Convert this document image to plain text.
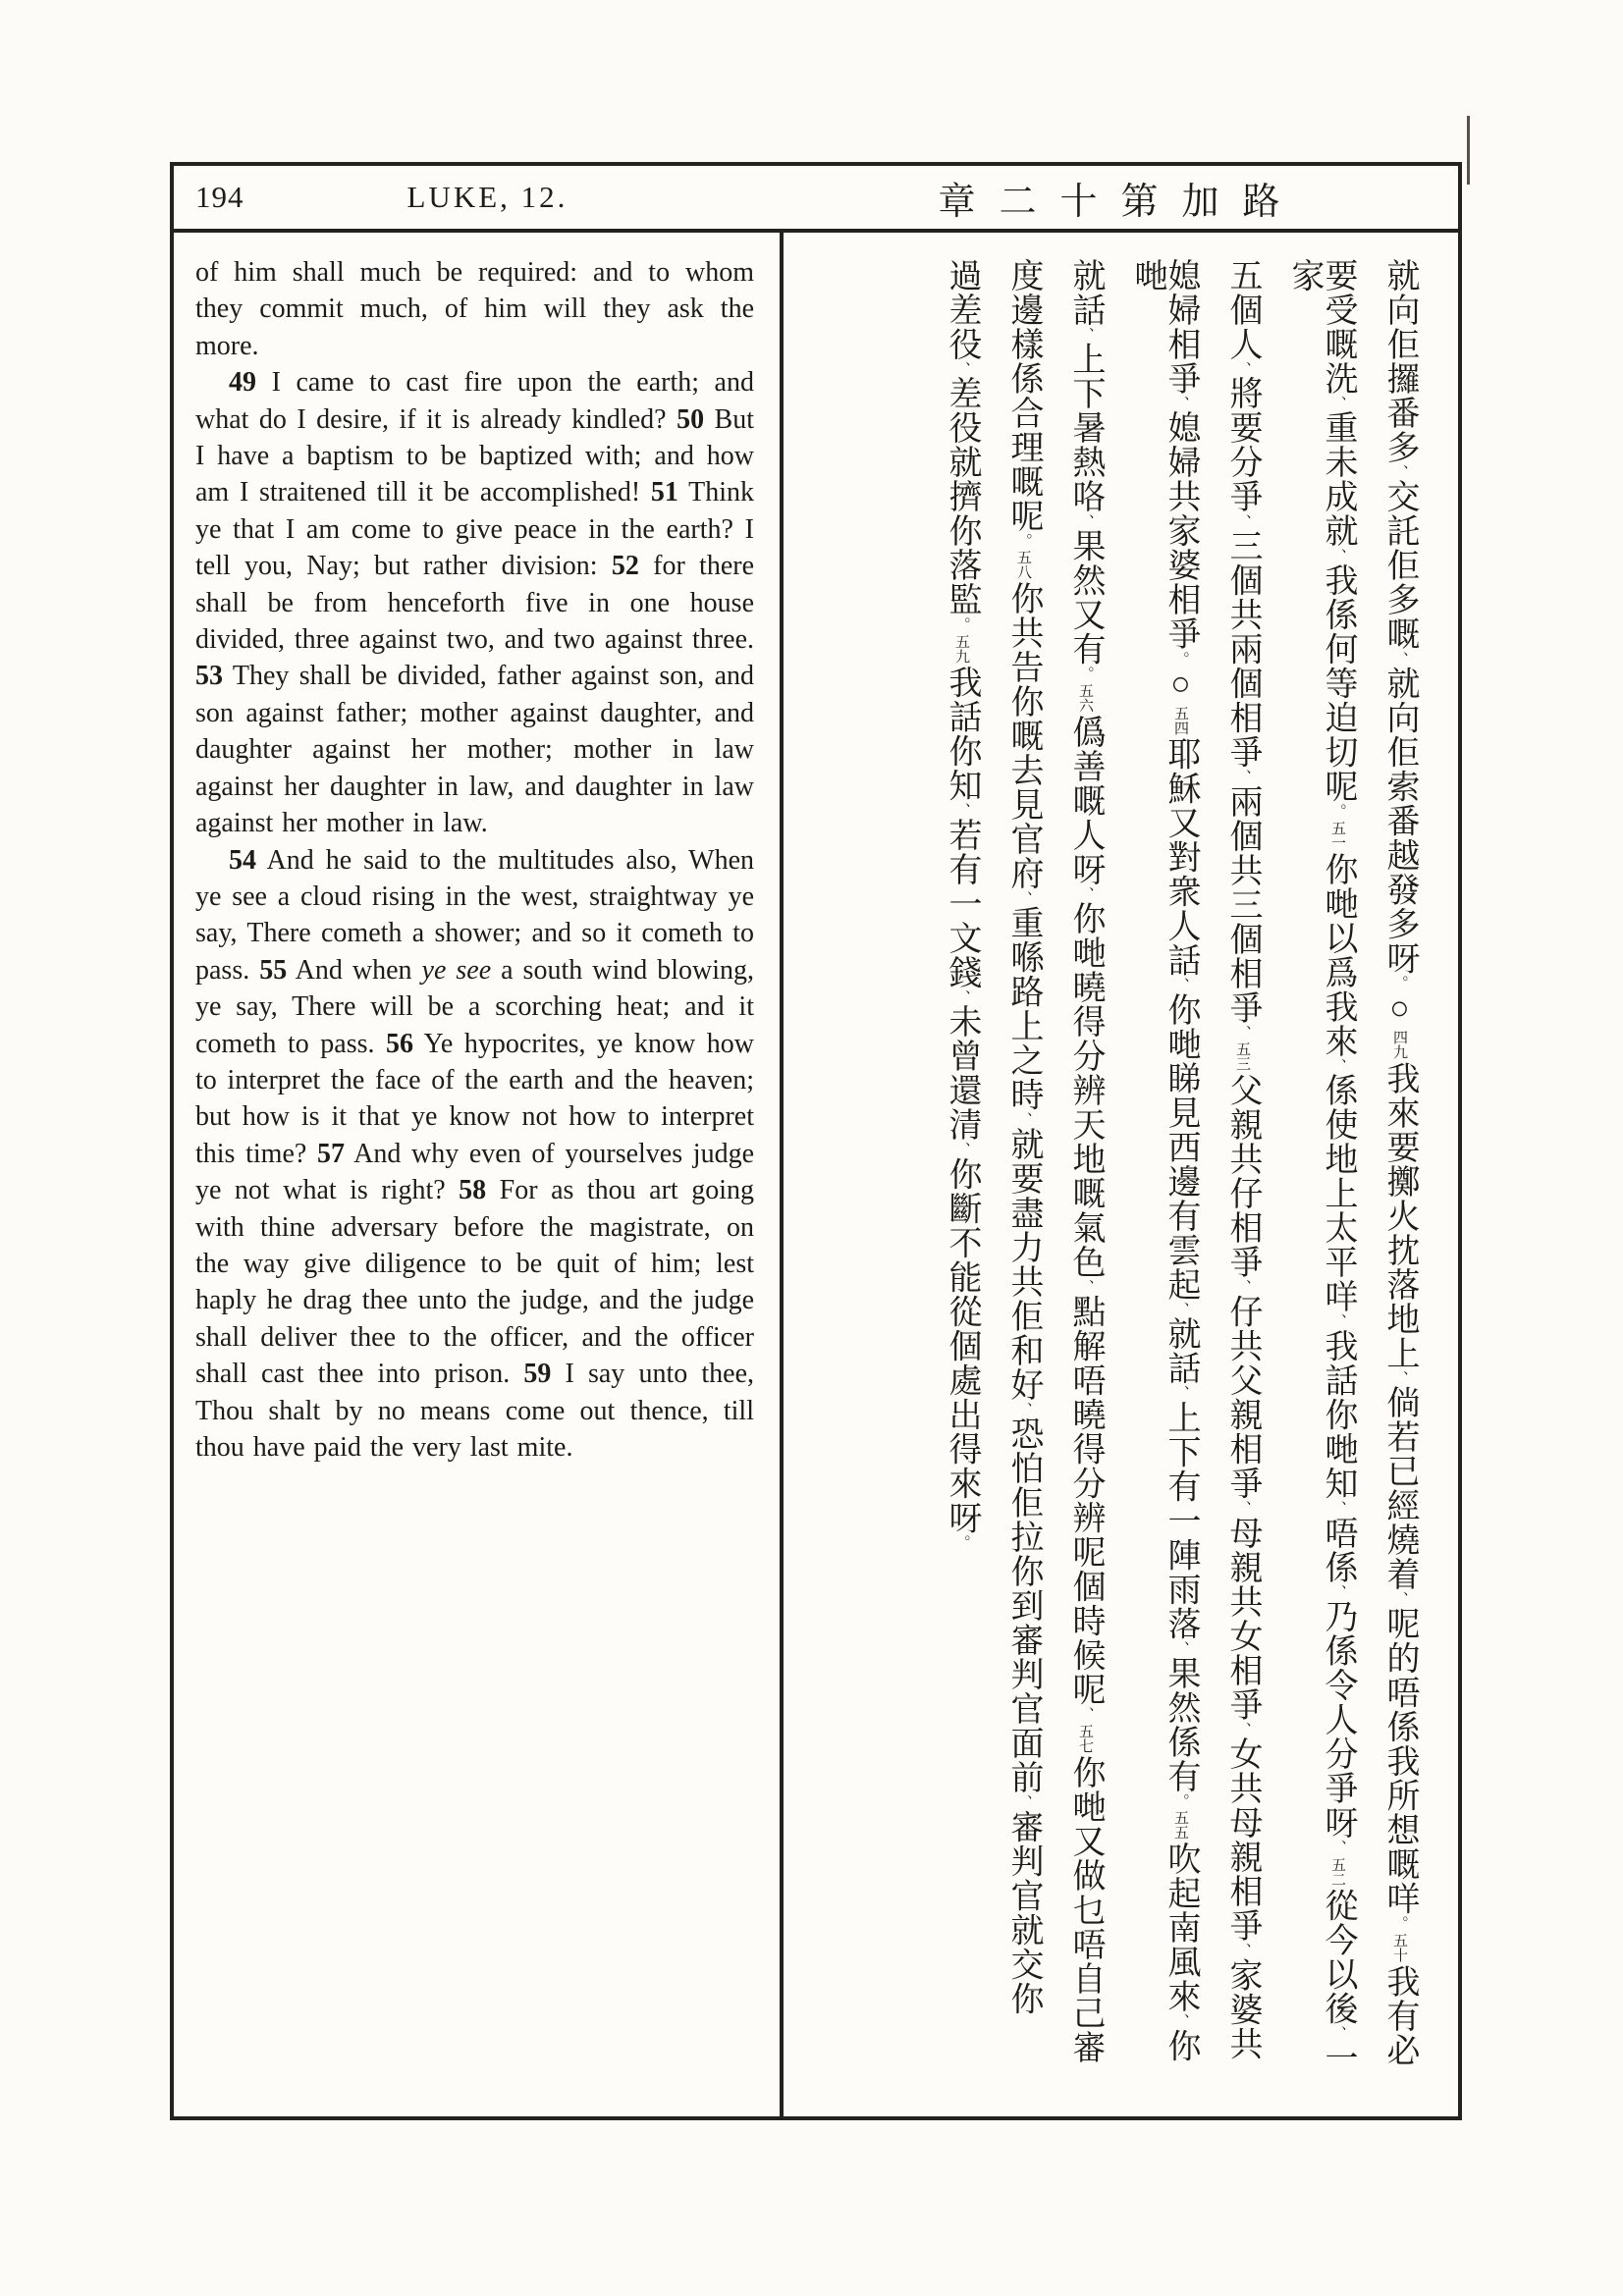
194	LUKE, 12.	章二十第加路

of him shall much be required: and to whom they commit much, of him will they ask the more.

49 I came to cast fire upon the earth; and what do I desire, if it is already kindled? 50 But I have a baptism to be baptized with; and how am I straitened till it be accomplished! 51 Think ye that I am come to give peace in the earth? I tell you, Nay; but rather division: 52 for there shall be from henceforth five in one house divided, three against two, and two against three. 53 They shall be divided, father against son, and son against father; mother against daughter, and daughter against her mother; mother in law against her daughter in law, and daughter in law against her mother in law.

54 And he said to the multitudes also, When ye see a cloud rising in the west, straightway ye say, There cometh a shower; and so it cometh to pass. 55 And when ye see a south wind blowing, ye say, There will be a scorching heat; and it cometh to pass. 56 Ye hypocrites, ye know how to interpret the face of the earth and the heaven; but how is it that ye know not how to interpret this time? 57 And why even of yourselves judge ye not what is right? 58 For as thou art going with thine adversary before the magistrate, on the way give diligence to be quit of him; lest haply he drag thee unto the judge, and the judge shall deliver thee to the officer, and the officer shall cast thee into prison. 59 I say unto thee, Thou shalt by no means come out thence, till thou have paid the very last mite.

就向佢攞番多、交託佢多嘅、就向佢索番越發多呀。○四九我來要擲火抌落地上、倘若已經燒着、呢的唔係我所想嘅咩。五十我有必
要受嘅洗、重未成就、我係何等迫切呢。五一你哋以爲我來、係使地上太平咩、我話你哋知、唔係、乃係令人分爭呀、五二從今以後、一家
五個人、將要分爭、三個共兩個相爭、兩個共三個相爭、五三父親共仔相爭、仔共父親相爭、母親共女相爭、女共母親相爭、家婆共
媳婦相爭、媳婦共家婆相爭。○五四耶穌又對衆人話、你哋睇見西邊有雲起、就話、上下有一陣雨落、果然係有。五五吹起南風來、你哋
就話、上下暑熱咯、果然又有。五六僞善嘅人呀、你哋曉得分辨天地嘅氣色、點解唔曉得分辨呢個時候呢、五七你哋又做乜唔自己審
度邊樣係合理嘅呢。五八你共告你嘅去見官府、重喺路上之時、就要盡力共佢和好、恐怕佢拉你到審判官面前、審判官就交你
過差役、差役就擠你落監。五九我話你知、若有一文錢、未曾還清、你斷不能從個處出得來呀。
